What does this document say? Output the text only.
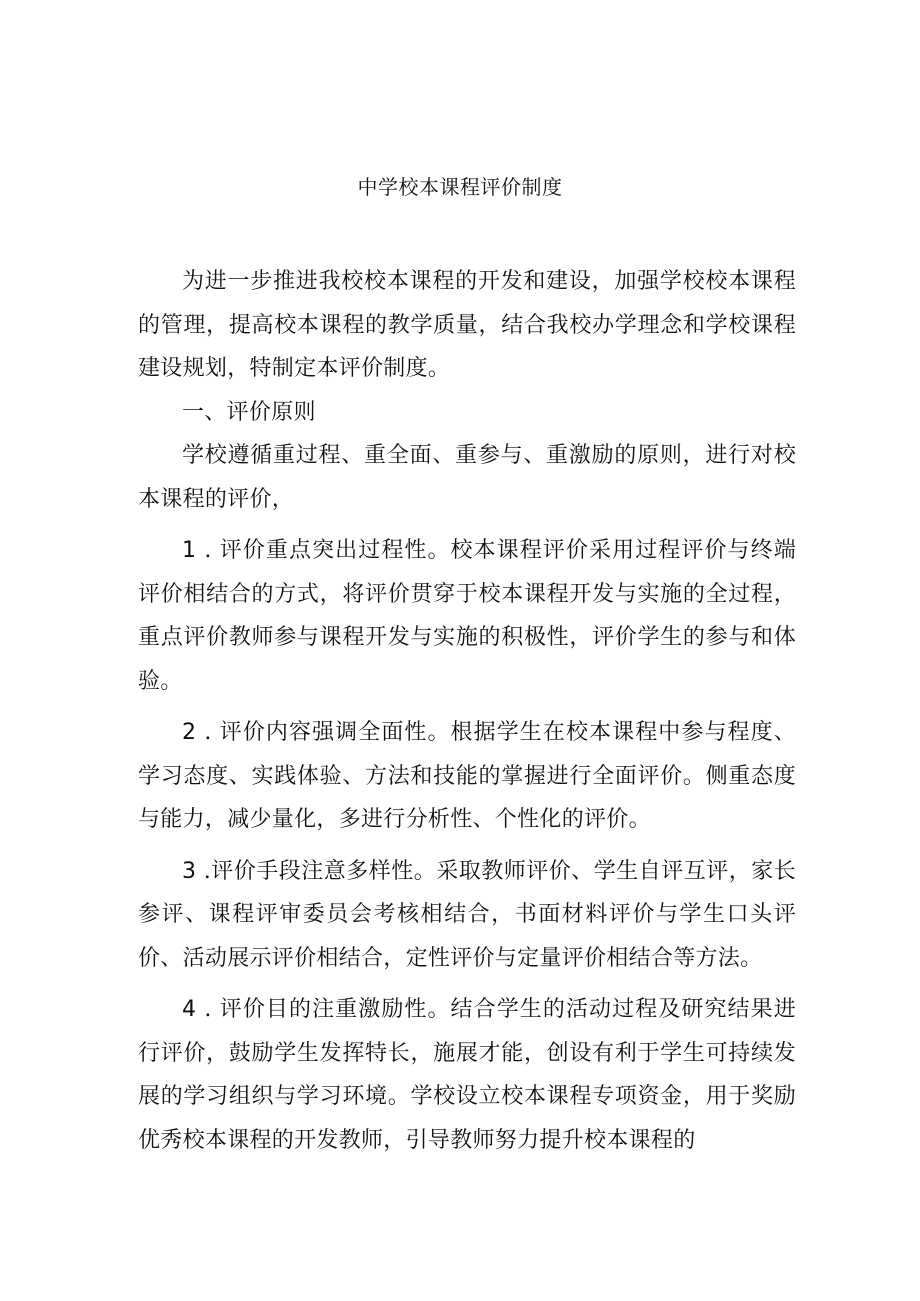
中学校本课程评价制度

为进一步推进我校校本课程的开发和建设，加强学校校本课程的管理，提高校本课程的教学质量，结合我校办学理念和学校课程建设规划，特制定本评价制度。

一、评价原则

学校遵循重过程、重全面、重参与、重激励的原则，进行对校本课程的评价，

1 . 评价重点突出过程性。校本课程评价采用过程评价与终端评价相结合的方式，将评价贯穿于校本课程开发与实施的全过程，重点评价教师参与课程开发与实施的积极性，评价学生的参与和体验。

2 . 评价内容强调全面性。根据学生在校本课程中参与程度、学习态度、实践体验、方法和技能的掌握进行全面评价。侧重态度与能力，减少量化，多进行分析性、个性化的评价。

3 .评价手段注意多样性。采取教师评价、学生自评互评，家长参评、课程评审委员会考核相结合，书面材料评价与学生口头评价、活动展示评价相结合，定性评价与定量评价相结合等方法。

4 . 评价目的注重激励性。结合学生的活动过程及研究结果进行评价，鼓励学生发挥特长，施展才能，创设有利于学生可持续发展的学习组织与学习环境。学校设立校本课程专项资金，用于奖励优秀校本课程的开发教师，引导教师努力提升校本课程的
